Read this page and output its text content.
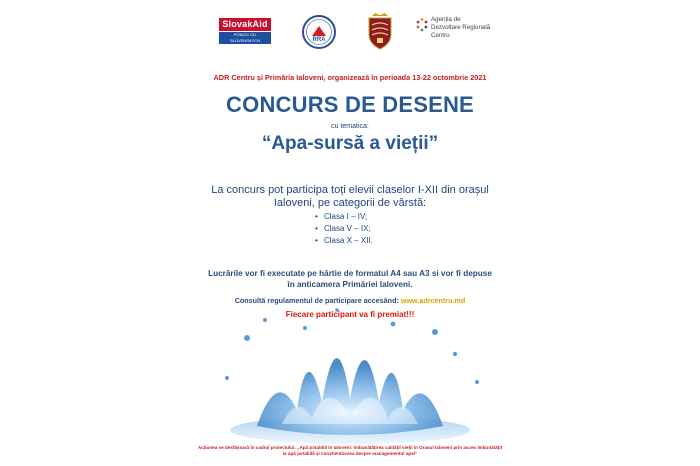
SlovakAid
POMOC OD SLOVENSKÝCH	RRA
Agenția de
Dezvoltare Regională
Centru
ADR Centru și Primăria Ialoveni, organizează în perioada 13-22 octombrie 2021
CONCURS DE DESENE
cu tematica:
“Apa-sursă a vieții”
La concurs pot participa toți elevii claselor I-XII din orașul Ialoveni, pe categorii de vârstă:
• Clasa I – IV;
• Clasa V – IX;
• Clasa X – XII.
Lucrările vor fi executate pe hârtie de formatul A4 sau A3 si vor fi depuse în anticamera Primăriei Ialoveni.
Consultă regulamentul de participare accesând: www.adrcentru.md
Fiecare participant va fi premiat!!!
Acțiunea se desfășoară în cadrul proiectului: „Apă potabilă în Ialoveni: îmbunătățirea calității vieții în Orașul Ialoveni prin acces îmbunătățit la apă potabilă și conștientizarea despre managementul apei"
